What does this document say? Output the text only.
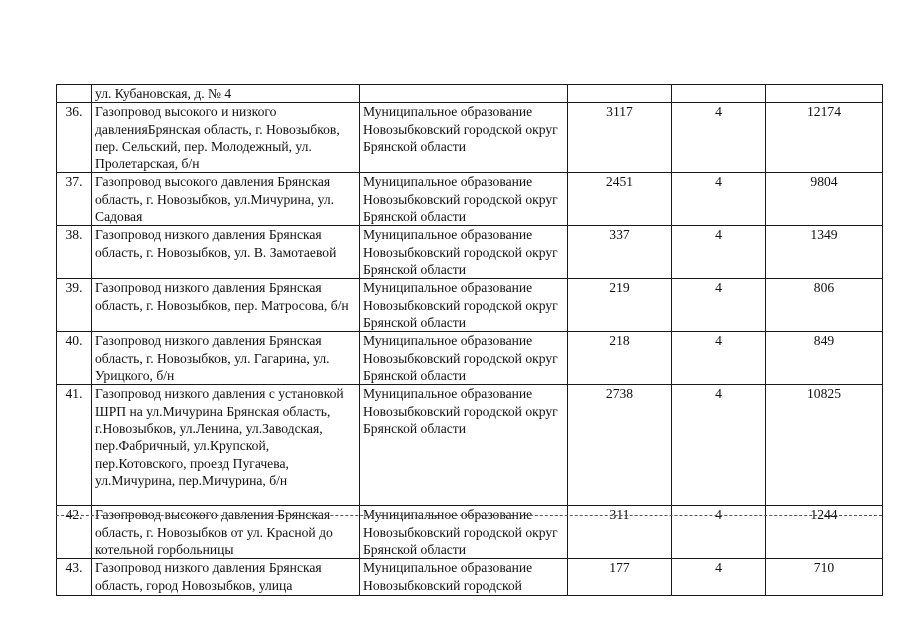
	ул. Кубановская, д. № 4				
36.	Газопровод высокого и низкого давленияБрянская область, г. Новозыбков, пер. Сельский, пер. Молодежный, ул. Пролетарская, б/н	Муниципальное образование Новозыбковский городской округ Брянской области	3117	4	12174
37.	Газопровод высокого давления Брянская область, г. Новозыбков, ул.Мичурина, ул. Садовая	Муниципальное образование Новозыбковский городской округ Брянской области	2451	4	9804
38.	Газопровод низкого давления Брянская область, г. Новозыбков, ул. В. Замотаевой	Муниципальное образование Новозыбковский городской округ Брянской области	337	4	1349
39.	Газопровод низкого давления Брянская область, г. Новозыбков, пер. Матросова, б/н	Муниципальное образование Новозыбковский городской округ Брянской области	219	4	806
40.	Газопровод низкого давления Брянская область, г. Новозыбков, ул. Гагарина, ул. Урицкого, б/н	Муниципальное образование Новозыбковский городской округ Брянской области	218	4	849
41.	Газопровод низкого давления с установкой ШРП на ул.Мичурина Брянская область, г.Новозыбков, ул.Ленина, ул.Заводская, пер.Фабричный, ул.Крупской, пер.Котовского, проезд Пугачева, ул.Мичурина, пер.Мичурина, б/н	Муниципальное образование Новозыбковский городской округ Брянской области	2738	4	10825
42.	Газопровод высокого давления Брянская область, г. Новозыбков от ул. Красной до котельной горбольницы	Муниципальное образование Новозыбковский городской округ Брянской области	311	4	1244
43.	Газопровод низкого давления Брянская область, город Новозыбков, улица	Муниципальное образование Новозыбковский городской	177	4	710
